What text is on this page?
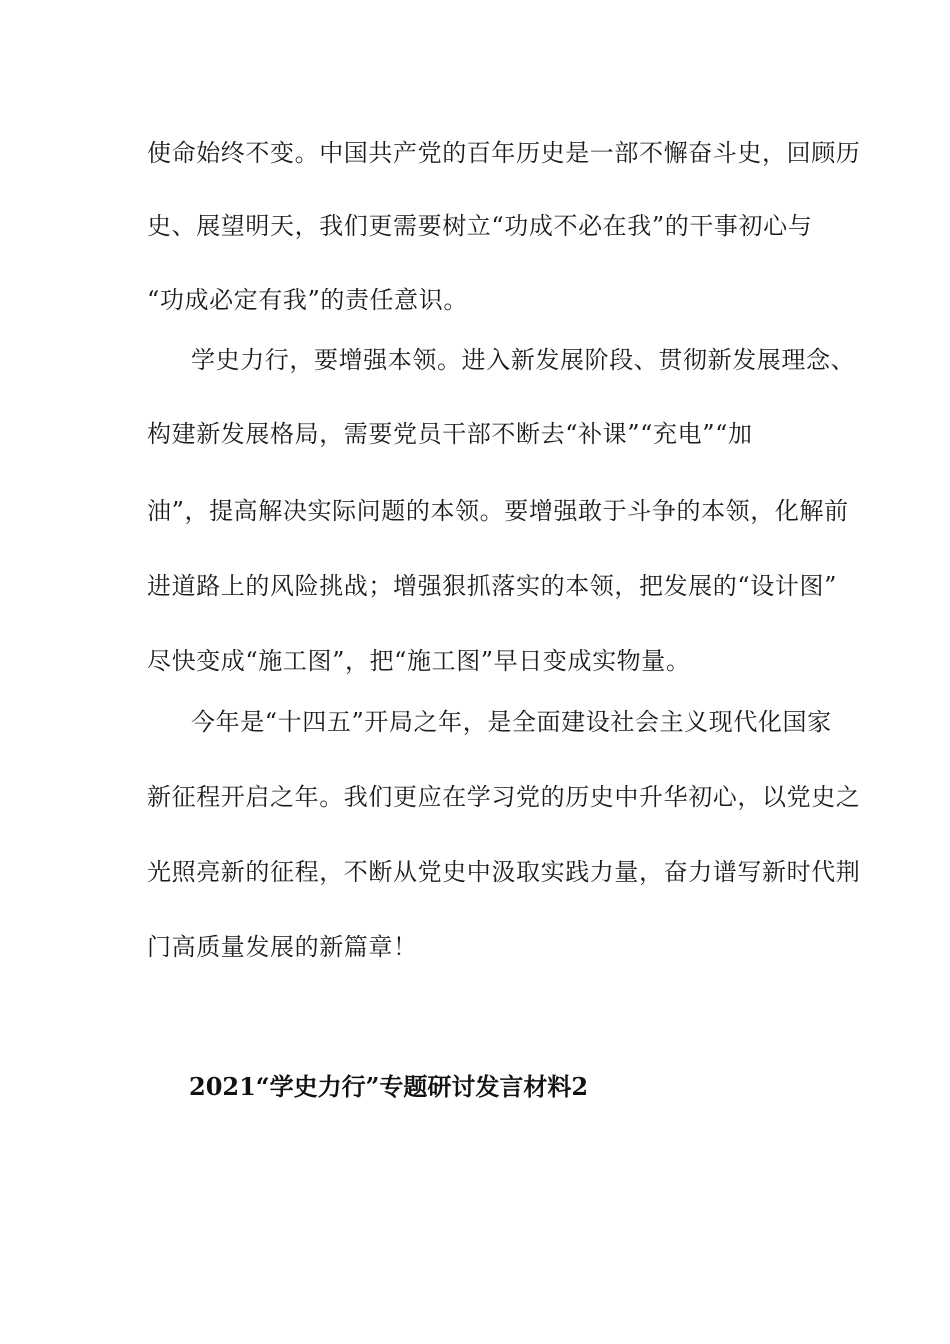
使命始终不变。中国共产党的百年历史是一部不懈奋斗史，回顾历
史、展望明天，我们更需要树立“功成不必在我”的干事初心与
“功成必定有我”的责任意识。
学史力行，要增强本领。进入新发展阶段、贯彻新发展理念、
构建新发展格局，需要党员干部不断去“补课”“充电”“加
油”，提高解决实际问题的本领。要增强敢于斗争的本领，化解前
进道路上的风险挑战；增强狠抓落实的本领，把发展的“设计图”
尽快变成“施工图”，把“施工图”早日变成实物量。
今年是“十四五”开局之年，是全面建设社会主义现代化国家
新征程开启之年。我们更应在学习党的历史中升华初心，以党史之
光照亮新的征程，不断从党史中汲取实践力量，奋力谱写新时代荆
门高质量发展的新篇章！
2021“学史力行”专题研讨发言材料2
